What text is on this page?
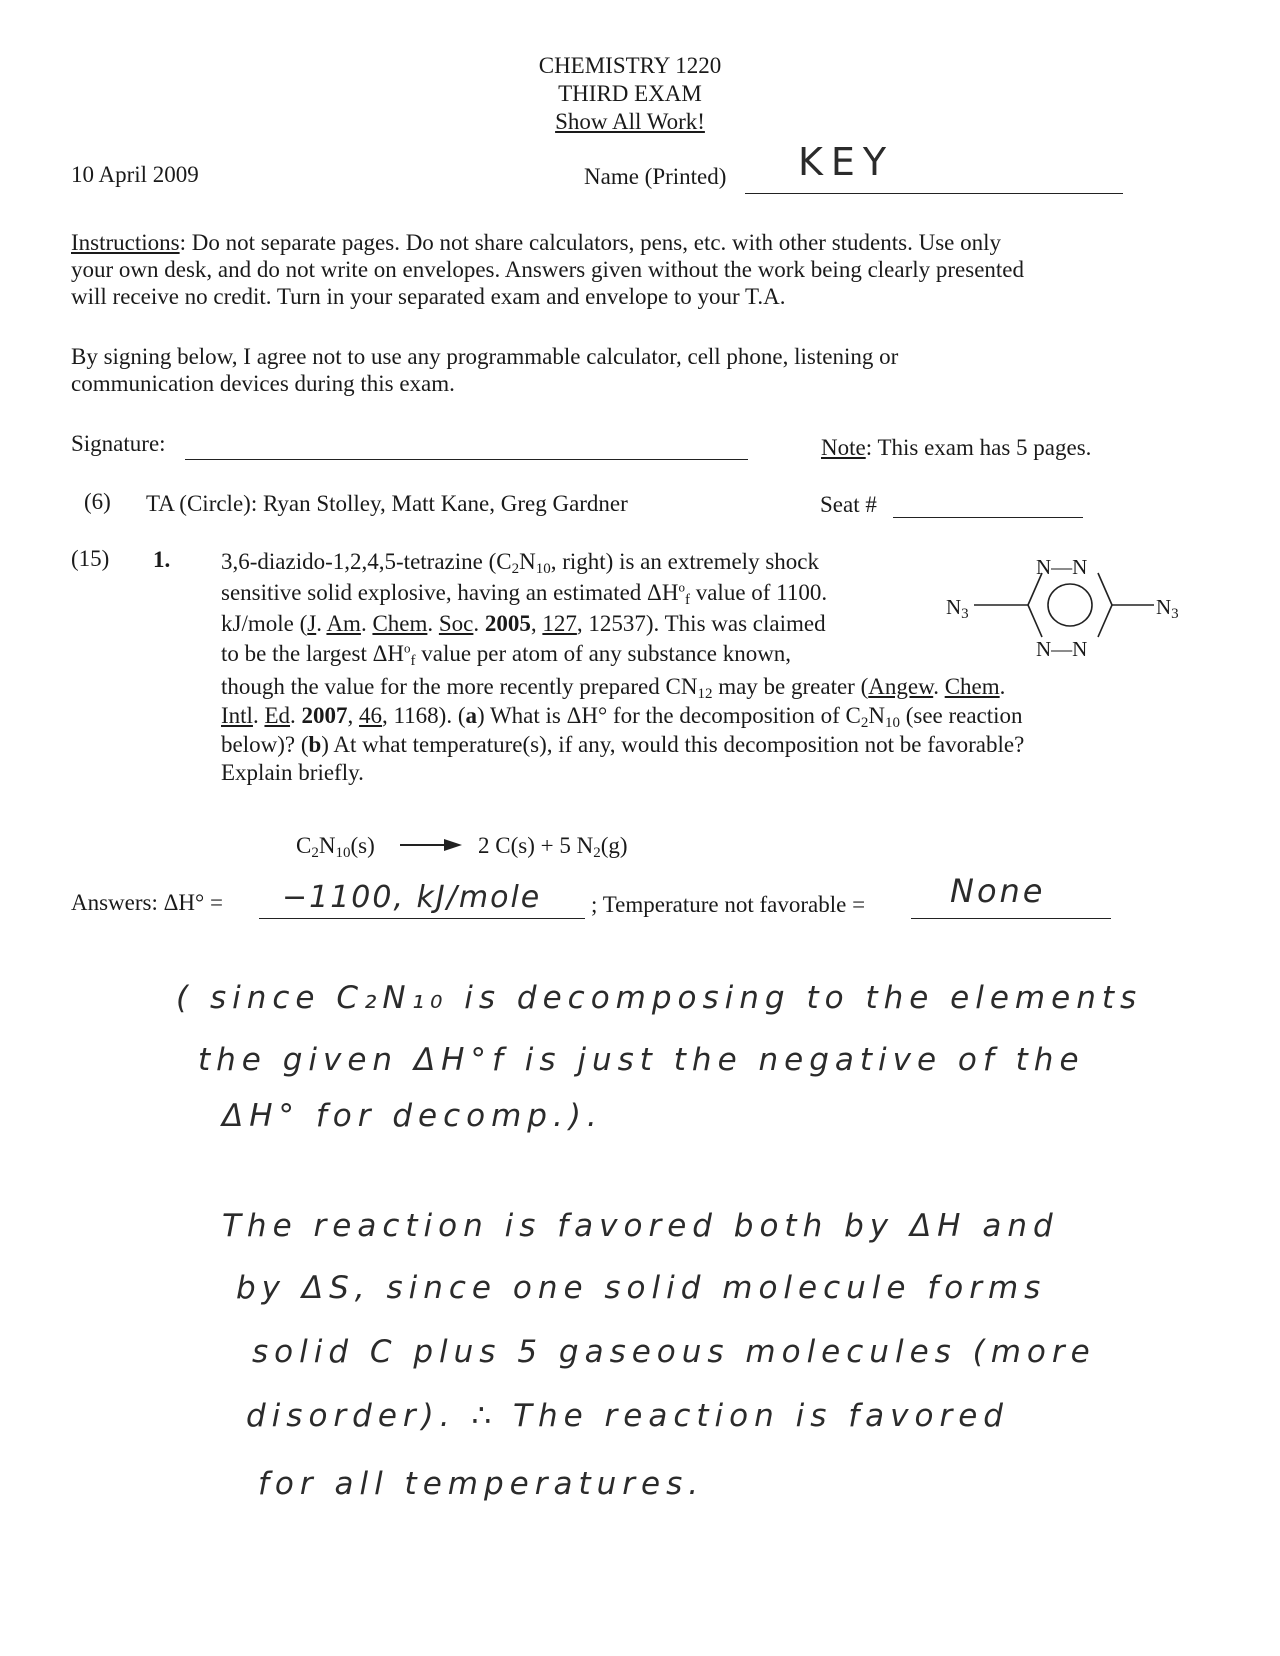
CHEMISTRY 1220
THIRD EXAM
Show All Work!
10 April 2009	Name (Printed) KEY
Instructions: Do not separate pages. Do not share calculators, pens, etc. with other students. Use only
your own desk, and do not write on envelopes. Answers given without the work being clearly presented
will receive no credit. Turn in your separated exam and envelope to your T.A.
By signing below, I agree not to use any programmable calculator, cell phone, listening or
communication devices during this exam.
Signature:	Note: This exam has 5 pages.
(6) TA (Circle): Ryan Stolley, Matt Kane, Greg Gardner	Seat #
(15) 1. 3,6-diazido-1,2,4,5-tetrazine ($C_2N_{10}$, right) is an extremely shock
sensitive solid explosive, having an estimated $\Delta H^o_f$ value of 1100.
kJ/mole (J. Am. Chem. Soc. 2005, 127, 12537). This was claimed
to be the largest $\Delta H^o_f$ value per atom of any substance known,
though the value for the more recently prepared $CN_{12}$ may be greater (Angew. Chem.
Intl. Ed. 2007, 46, 1168). (a) What is ΔH° for the decomposition of $C_2N_{10}$ (see reaction
below)? (b) At what temperature(s), if any, would this decomposition not be favorable?
Explain briefly.
N—N
N—N
$N_3$	$N_3$
$C_2N_{10}(s)$	2 C(s) + 5 $N_2(g)$
Answers: ΔH° = −1100, kJ/mole ; Temperature not favorable =	None
( since C₂N₁₀ is decomposing to the elements
the given ΔH°f is just the negative of the
ΔH° for decomp.).
The reaction is favored both by ΔH and
by ΔS, since one solid molecule forms
solid C plus 5 gaseous molecules (more
disorder). ∴ The reaction is favored
for all temperatures.
